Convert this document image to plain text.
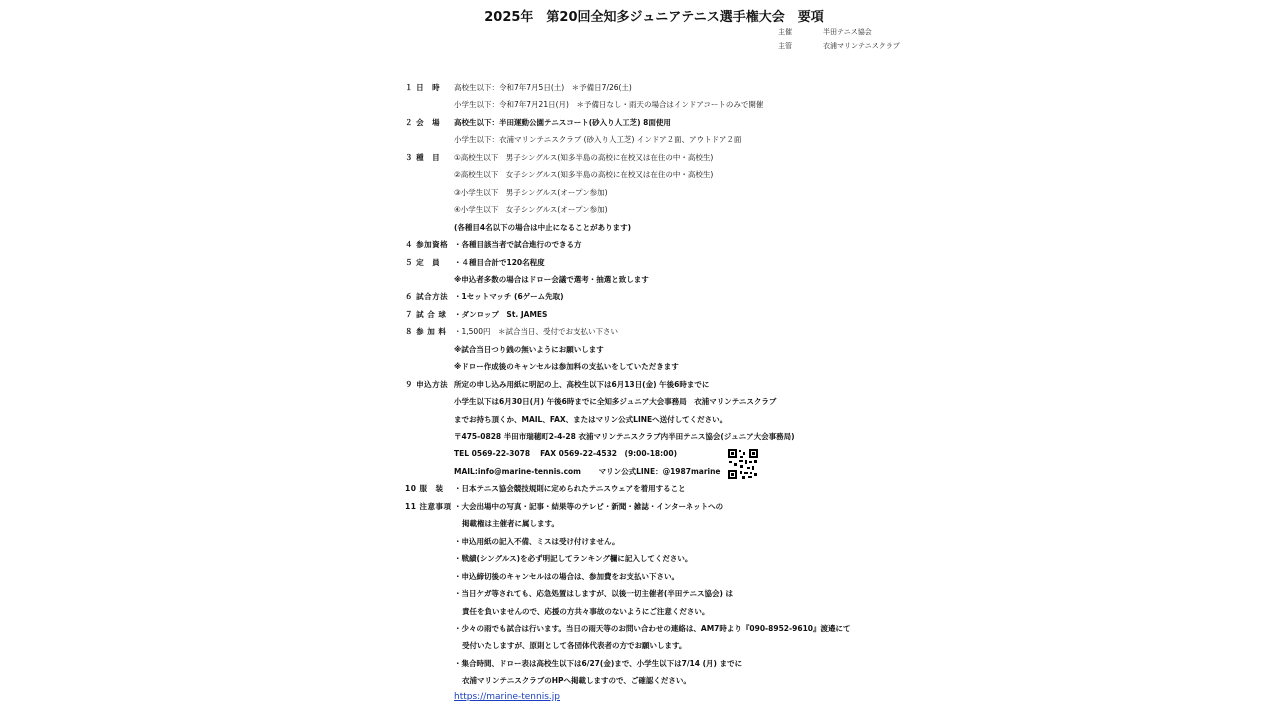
2025年　第20回全知多ジュニアテニス選手権大会　要項
主催	半田テニス協会
主管	衣浦マリンテニスクラブ
１ 日　時	高校生以下：令和7年7月5日(土)　＊予備日7/26(土)
小学生以下：令和7年7月21日(月)　＊予備日なし・雨天の場合はインドアコートのみで開催
２ 会　場	高校生以下：半田運動公園テニスコート(砂入り人工芝) 8面使用
小学生以下：衣浦マリンテニスクラブ (砂入り人工芝) インドア２面、アウトドア２面
３ 種　目	①高校生以下　男子シングルス(知多半島の高校に在校又は在住の中・高校生)
②高校生以下　女子シングルス(知多半島の高校に在校又は在住の中・高校生)
③小学生以下　男子シングルス(オープン参加)
④小学生以下　女子シングルス(オープン参加)
(各種目4名以下の場合は中止になることがあります)
４ 参加資格 ・各種目該当者で試合進行のできる方
５ 定　員	・４種目合計で120名程度
※申込者多数の場合はドロー会議で選考・抽選と致します
６ 試合方法 ・1セットマッチ (6ゲーム先取)
７ 試 合 球	・ダンロップ　St. JAMES
８ 参 加 料	・1,500円　＊試合当日、受付でお支払い下さい
※試合当日つり銭の無いようにお願いします
※ドロー作成後のキャンセルは参加料の支払いをしていただきます
９ 申込方法 所定の申し込み用紙に明記の上、高校生以下は6月13日(金) 午後6時までに
小学生以下は6月30日(月) 午後6時までに全知多ジュニア大会事務局　衣浦マリンテニスクラブ
までお持ち頂くか、MAIL、FAX、またはマリン公式LINEへ送付してください。
〒475-0828 半田市瑞穂町2-4-28 衣浦マリンテニスクラブ内半田テニス協会(ジュニア大会事務局)
TEL 0569-22-3078　 FAX 0569-22-4532　(9:00-18:00)
MAIL:info@marine-tennis.com　　 マリン公式LINE：@1987marine
10 服　装	・日本テニス協会競技規則に定められたテニスウェアを着用すること
11 注意事項 ・大会出場中の写真・記事・結果等のテレビ・新聞・雑誌・インターネットへの
掲載権は主催者に属します。
・申込用紙の記入不備、ミスは受け付けません。
・戦績(シングルス)を必ず明記してランキング欄に記入してください。
・申込締切後のキャンセルはの場合は、参加費をお支払い下さい。
・当日ケガ等されても、応急処置はしますが、以後一切主催者(半田テニス協会) は
責任を負いませんので、応援の方共々事故のないようにご注意ください。
・少々の雨でも試合は行います。当日の雨天等のお問い合わせの連絡は、AM7時より『090-8952-9610』渡邉にて
受付いたしますが、原則として各団体代表者の方でお願いします。
・集合時間、ドロー表は高校生以下は6/27(金)まで、小学生以下は7/14 (月) までに
衣浦マリンテニスクラブのHPへ掲載しますので、ご確認ください。
https://marine-tennis.jp
